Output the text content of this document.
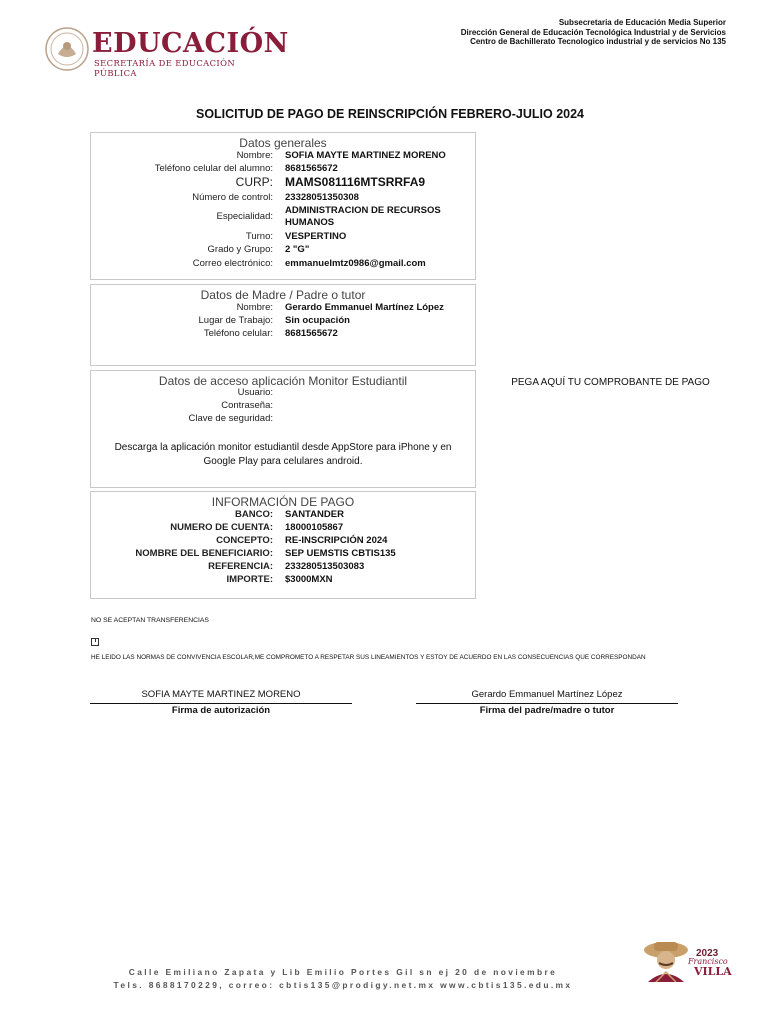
EDUCACIÓN
SECRETARÍA DE EDUCACIÓN PÚBLICA
Subsecretaria de Educación Media Superior
Dirección General de Educación Tecnológica Industrial y de Servicios
Centro de Bachillerato Tecnologico industrial y de servicios No 135
SOLICITUD DE PAGO DE REINSCRIPCIÓN FEBRERO-JULIO 2024
Datos generales
Nombre: SOFIA MAYTE MARTINEZ MORENO
Teléfono celular del alumno: 8681565672
CURP: MAMS081116MTSRRFA9
Número de control: 23328051350308
Especialidad:
ADMINISTRACION DE RECURSOS
HUMANOS
Turno: VESPERTINO
Grado y Grupo: 2 "G"
Correo electrónico: emmanuelmtz0986@gmail.com
Datos de Madre / Padre o tutor
Nombre: Gerardo Emmanuel Martínez López
Lugar de Trabajo: Sin ocupación
Teléfono celular: 8681565672
Datos de acceso aplicación Monitor Estudiantil
Usuario:
Contraseña:
Clave de seguridad:
Descarga la aplicación monitor estudiantil desde AppStore para iPhone y en
Google Play para celulares android.
INFORMACIÓN DE PAGO
BANCO: SANTANDER
NUMERO DE CUENTA: 18000105867
CONCEPTO: RE-INSCRIPCIÓN 2024
NOMBRE DEL BENEFICIARIO: SEP UEMSTIS CBTIS135
REFERENCIA: 233280513503083
IMPORTE: $3000MXN
PEGA AQUÍ TU COMPROBANTE DE PAGO
NO SE ACEPTAN TRANSFERENCIAS
HE LEIDO LAS NORMAS DE CONVIVENCIA ESCOLAR,ME COMPROMETO A RESPETAR SUS LINEAMIENTOS Y ESTOY DE ACUERDO EN LAS CONSECUENCIAS QUE CORRESPONDAN
SOFIA MAYTE MARTINEZ MORENO
Firma de autorización
Gerardo Emmanuel Martínez López
Firma del padre/madre o tutor
Calle Emiliano Zapata y Lib Emilio Portes Gil sn ej 20 de noviembre
Tels. 8688170229, correo: cbtis135@prodigy.net.mx www.cbtis135.edu.mx
2023
Francisco
VILLA
